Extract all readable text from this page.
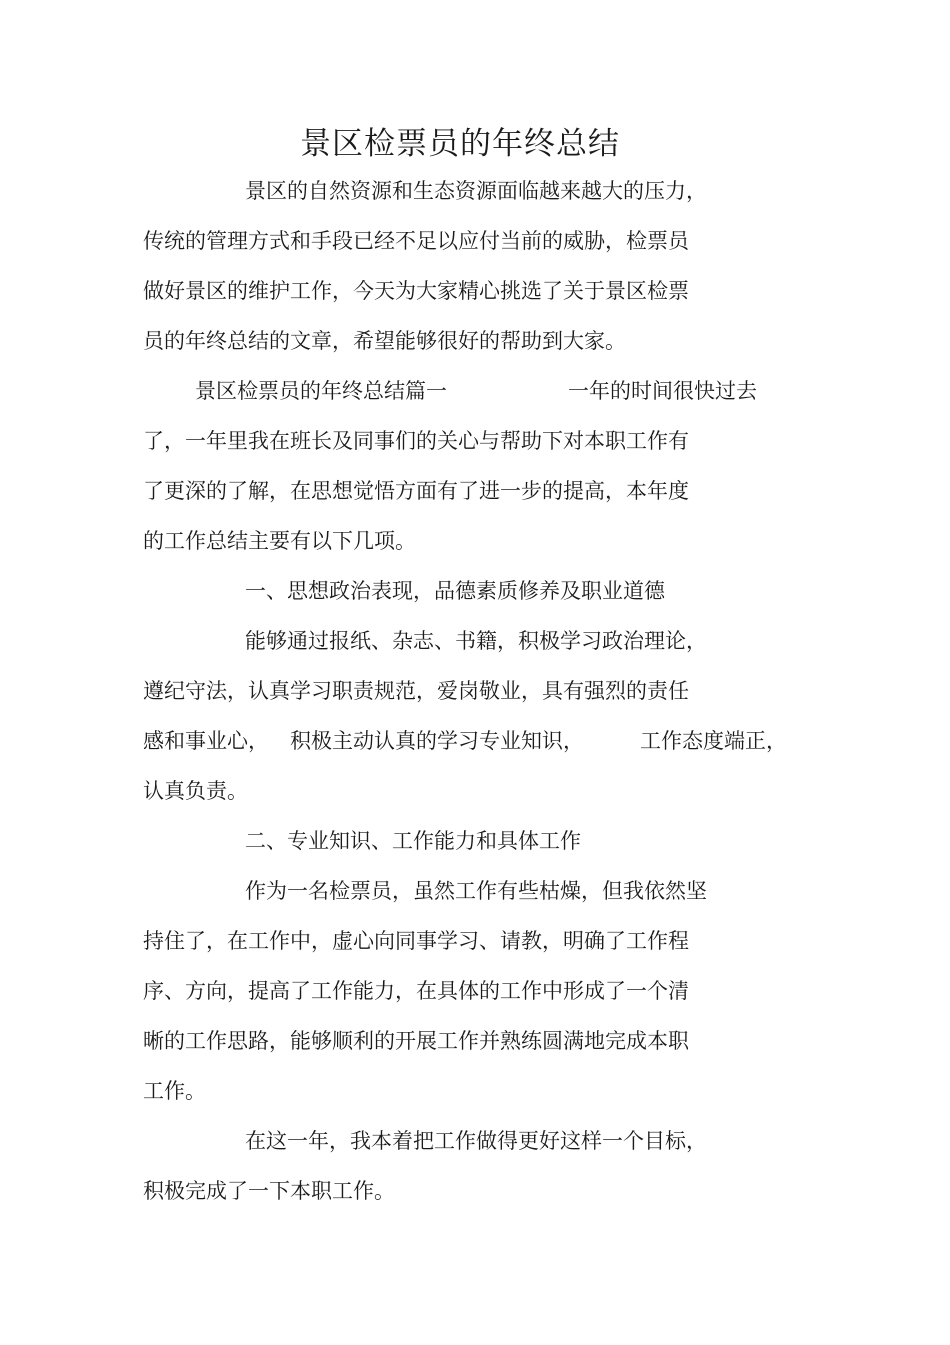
景区检票员的年终总结
景区的自然资源和生态资源面临越来越大的压力，
传统的管理方式和手段已经不足以应付当前的威胁，检票员
做好景区的维护工作，今天为大家精心挑选了关于景区检票
员的年终总结的文章，希望能够很好的帮助到大家。
景区检票员的年终总结篇一	一年的时间很快过去
了，一年里我在班长及同事们的关心与帮助下对本职工作有
了更深的了解，在思想觉悟方面有了进一步的提高，本年度
的工作总结主要有以下几项。
一、思想政治表现，品德素质修养及职业道德
能够通过报纸、杂志、书籍，积极学习政治理论，
遵纪守法，认真学习职责规范，爱岗敬业，具有强烈的责任
感和事业心， 积极主动认真的学习专业知识，	工作态度端正，
认真负责。
二、专业知识、工作能力和具体工作
作为一名检票员，虽然工作有些枯燥，但我依然坚
持住了，在工作中，虚心向同事学习、请教，明确了工作程
序、方向，提高了工作能力，在具体的工作中形成了一个清
晰的工作思路，能够顺利的开展工作并熟练圆满地完成本职
工作。
在这一年，我本着把工作做得更好这样一个目标，
积极完成了一下本职工作。
